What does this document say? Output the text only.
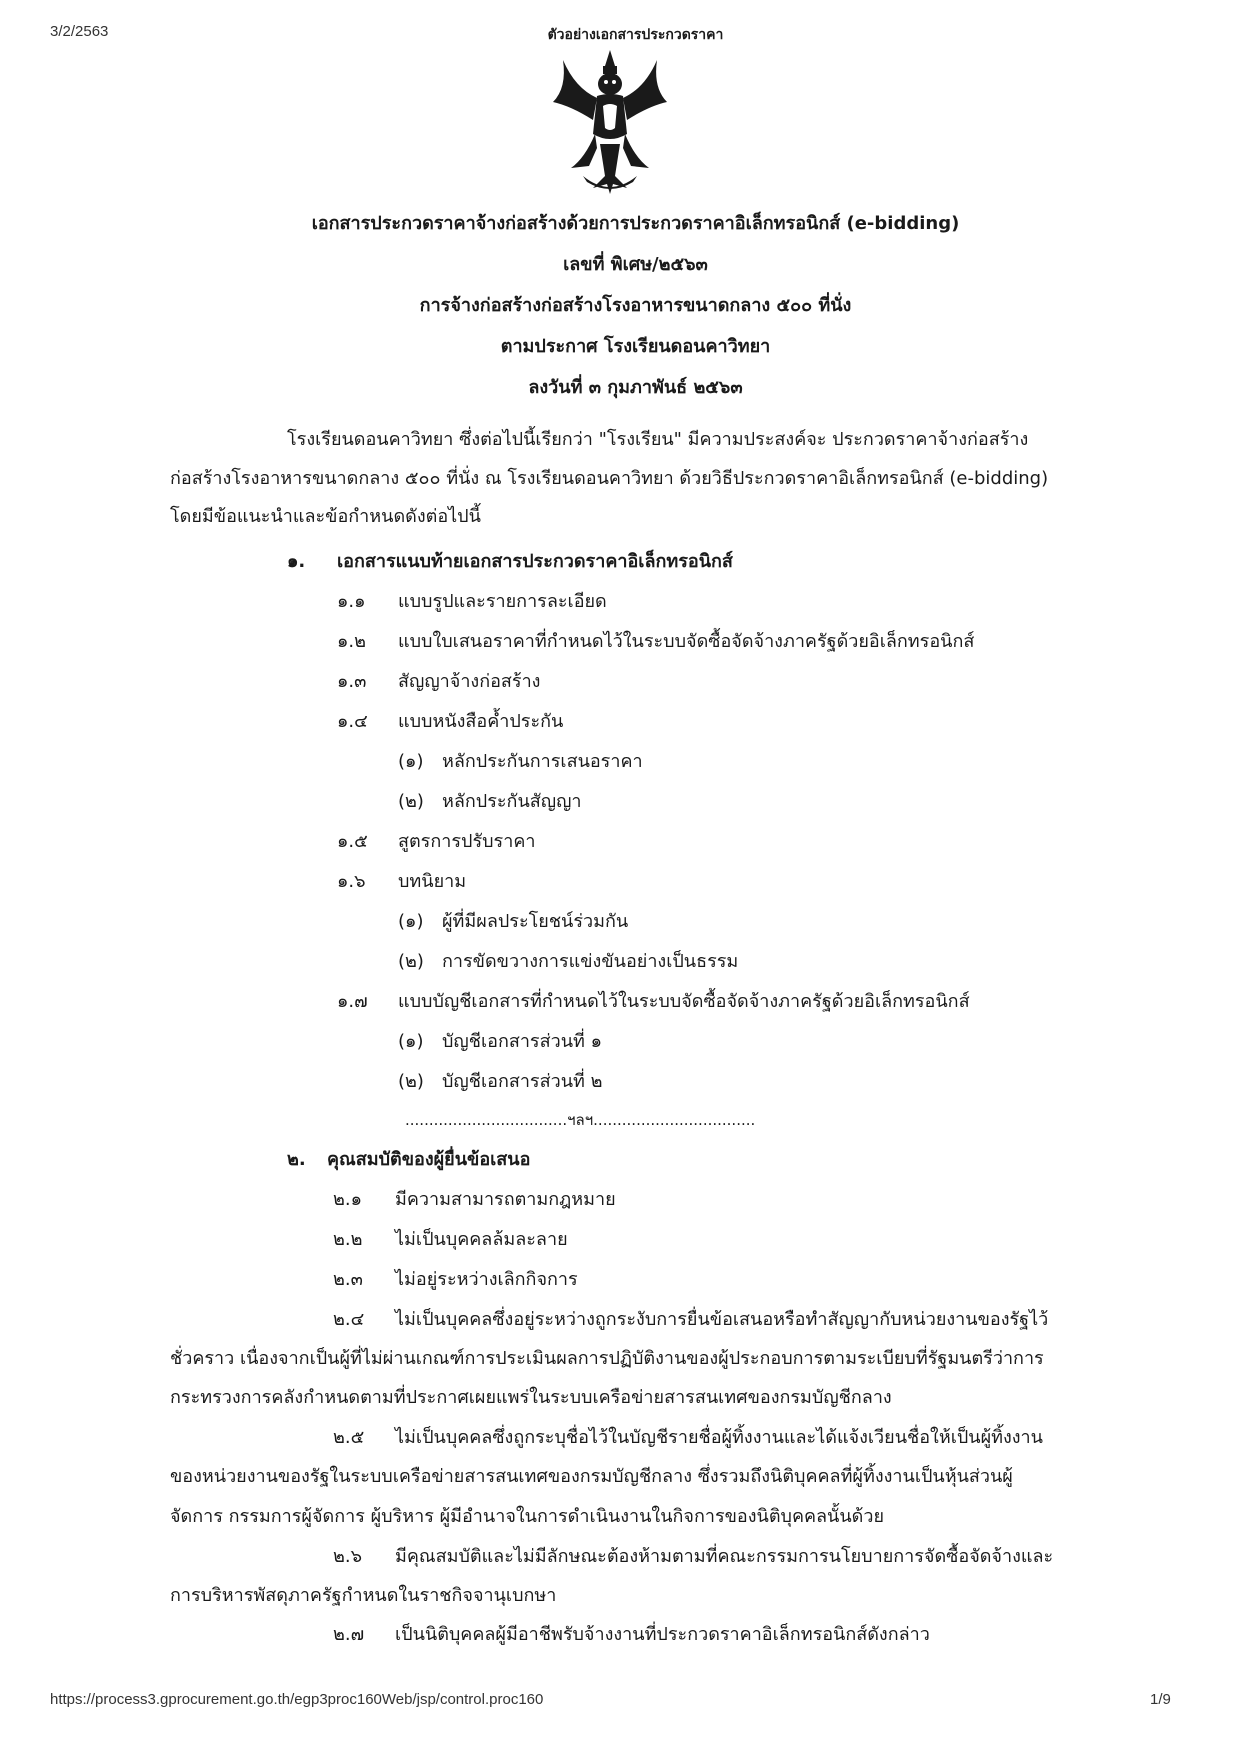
3/2/2563	ตัวอย่างเอกสารประกวดราคา

เอกสารประกวดราคาจ้างก่อสร้างด้วยการประกวดราคาอิเล็กทรอนิกส์ (e-bidding)

เลขที่ พิเศษ/๒๕๖๓

การจ้างก่อสร้างก่อสร้างโรงอาหารขนาดกลาง ๕๐๐ ที่นั่ง

ตามประกาศ โรงเรียนดอนคาวิทยา

ลงวันที่ ๓ กุมภาพันธ์ ๒๕๖๓

โรงเรียนดอนคาวิทยา ซึ่งต่อไปนี้เรียกว่า "โรงเรียน" มีความประสงค์จะ ประกวดราคาจ้างก่อสร้าง
ก่อสร้างโรงอาหารขนาดกลาง ๕๐๐ ที่นั่ง ณ โรงเรียนดอนคาวิทยา ด้วยวิธีประกวดราคาอิเล็กทรอนิกส์ (e-bidding)
โดยมีข้อแนะนำและข้อกำหนดดังต่อไปนี้
๑. เอกสารแนบท้ายเอกสารประกวดราคาอิเล็กทรอนิกส์
๑.๑ แบบรูปและรายการละเอียด
๑.๒ แบบใบเสนอราคาที่กำหนดไว้ในระบบจัดซื้อจัดจ้างภาครัฐด้วยอิเล็กทรอนิกส์
๑.๓ สัญญาจ้างก่อสร้าง
๑.๔ แบบหนังสือค้ำประกัน
(๑) หลักประกันการเสนอราคา
(๒) หลักประกันสัญญา
๑.๕ สูตรการปรับราคา
๑.๖ บทนิยาม
(๑) ผู้ที่มีผลประโยชน์ร่วมกัน
(๒) การขัดขวางการแข่งขันอย่างเป็นธรรม
๑.๗ แบบบัญชีเอกสารที่กำหนดไว้ในระบบจัดซื้อจัดจ้างภาครัฐด้วยอิเล็กทรอนิกส์
(๑) บัญชีเอกสารส่วนที่ ๑
(๒) บัญชีเอกสารส่วนที่ ๒
..................................ฯลฯ..................................
๒. คุณสมบัติของผู้ยื่นข้อเสนอ
๒.๑ มีความสามารถตามกฎหมาย
๒.๒ ไม่เป็นบุคคลล้มละลาย
๒.๓ ไม่อยู่ระหว่างเลิกกิจการ
๒.๔ ไม่เป็นบุคคลซึ่งอยู่ระหว่างถูกระงับการยื่นข้อเสนอหรือทำสัญญากับหน่วยงานของรัฐไว้
ชั่วคราว เนื่องจากเป็นผู้ที่ไม่ผ่านเกณฑ์การประเมินผลการปฏิบัติงานของผู้ประกอบการตามระเบียบที่รัฐมนตรีว่าการ
กระทรวงการคลังกำหนดตามที่ประกาศเผยแพร่ในระบบเครือข่ายสารสนเทศของกรมบัญชีกลาง
๒.๕ ไม่เป็นบุคคลซึ่งถูกระบุชื่อไว้ในบัญชีรายชื่อผู้ทิ้งงานและได้แจ้งเวียนชื่อให้เป็นผู้ทิ้งงาน
ของหน่วยงานของรัฐในระบบเครือข่ายสารสนเทศของกรมบัญชีกลาง ซึ่งรวมถึงนิติบุคคลที่ผู้ทิ้งงานเป็นหุ้นส่วนผู้
จัดการ กรรมการผู้จัดการ ผู้บริหาร ผู้มีอำนาจในการดำเนินงานในกิจการของนิติบุคคลนั้นด้วย
๒.๖ มีคุณสมบัติและไม่มีลักษณะต้องห้ามตามที่คณะกรรมการนโยบายการจัดซื้อจัดจ้างและ
การบริหารพัสดุภาครัฐกำหนดในราชกิจจานุเบกษา
๒.๗ เป็นนิติบุคคลผู้มีอาชีพรับจ้างงานที่ประกวดราคาอิเล็กทรอนิกส์ดังกล่าว
https://process3.gprocurement.go.th/egp3proc160Web/jsp/control.proc160	1/9
